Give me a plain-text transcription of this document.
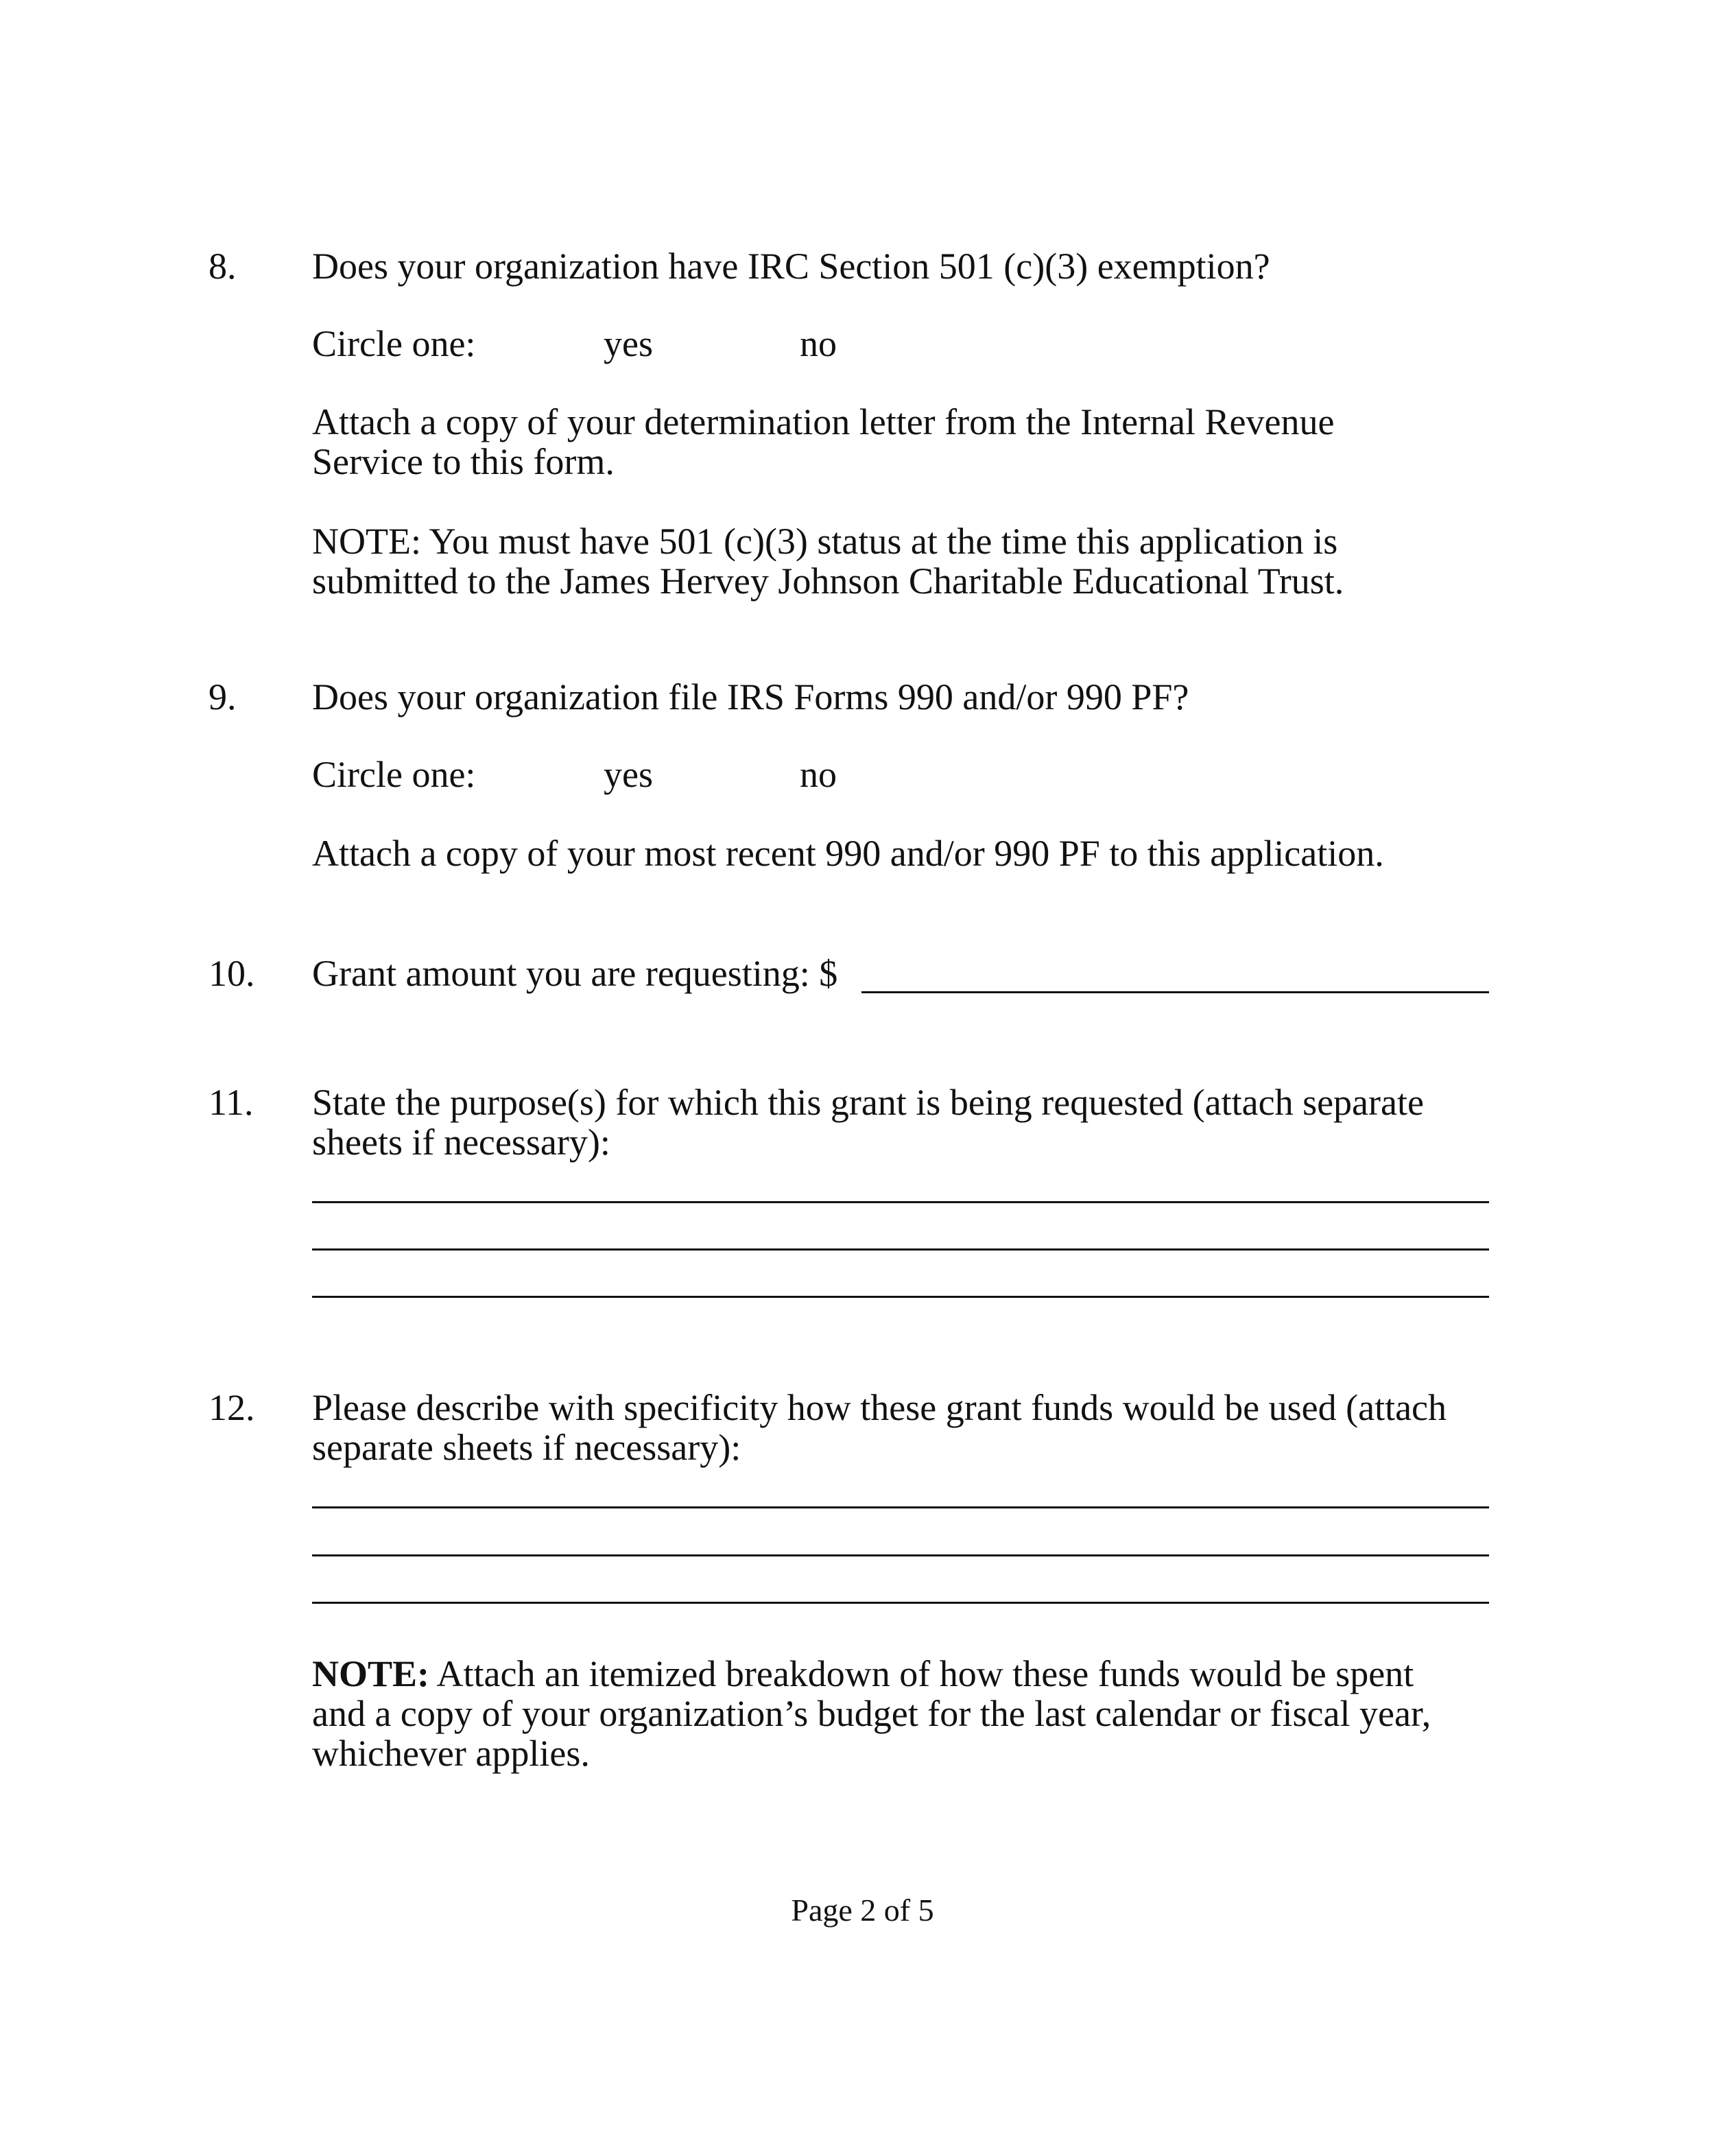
8. Does your organization have IRC Section 501 (c)(3) exemption?
Circle one:	yes	no
Attach a copy of your determination letter from the Internal Revenue
Service to this form.
NOTE: You must have 501 (c)(3) status at the time this application is
submitted to the James Hervey Johnson Charitable Educational Trust.
9. Does your organization file IRS Forms 990 and/or 990 PF?
Circle one:	yes	no
Attach a copy of your most recent 990 and/or 990 PF to this application.
10. Grant amount you are requesting: $
11. State the purpose(s) for which this grant is being requested (attach separate
sheets if necessary):
12. Please describe with specificity how these grant funds would be used (attach
separate sheets if necessary):
NOTE: Attach an itemized breakdown of how these funds would be spent
and a copy of your organization’s budget for the last calendar or fiscal year,
whichever applies.
Page 2 of 5
